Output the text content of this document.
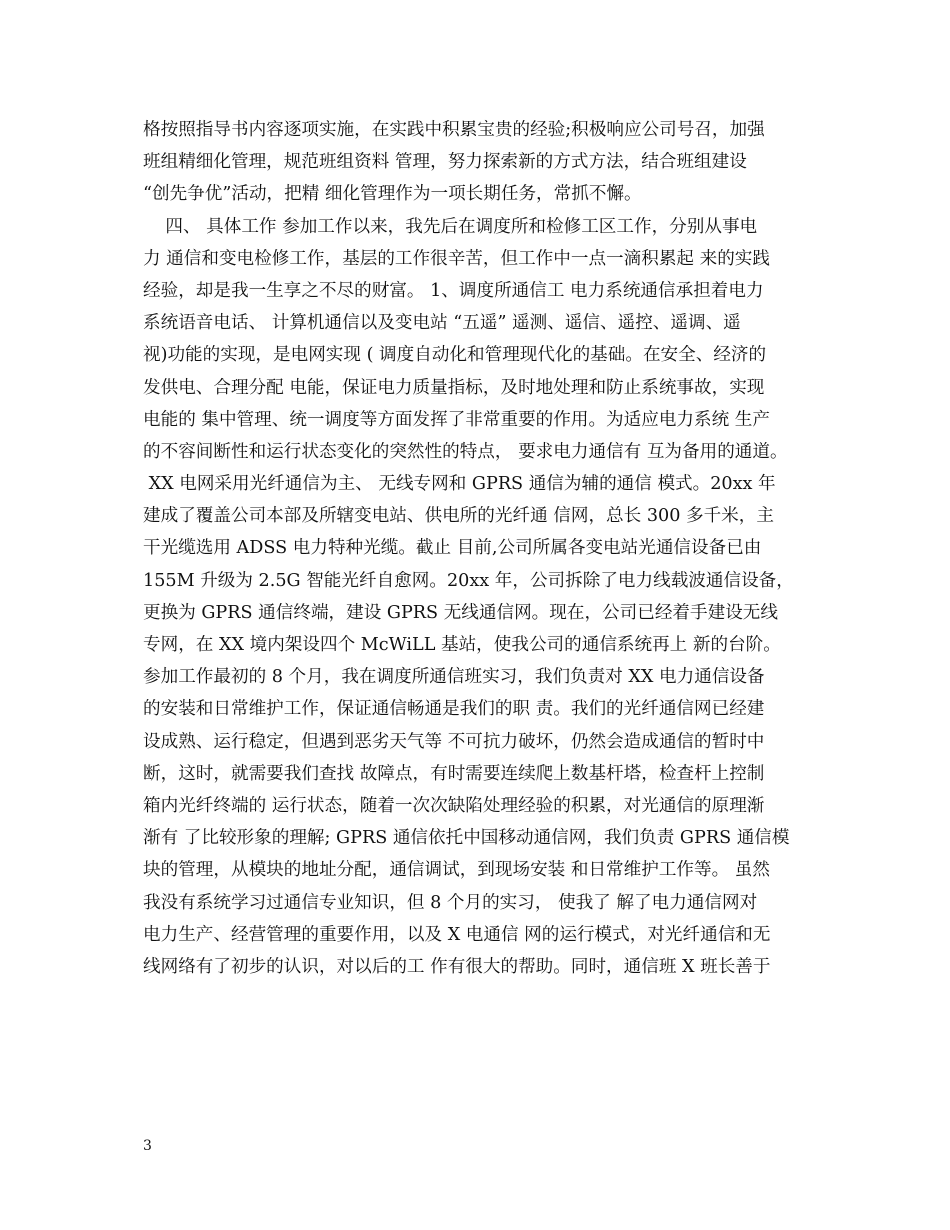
格按照指导书内容逐项实施，在实践中积累宝贵的经验;积极响应公司号召，加强
班组精细化管理，规范班组资料 管理，努力探索新的方式方法，结合班组建设
“创先争优”活动，把精 细化管理作为一项长期任务，常抓不懈。
四、 具体工作 参加工作以来，我先后在调度所和检修工区工作，分别从事电
力 通信和变电检修工作，基层的工作很辛苦，但工作中一点一滴积累起 来的实践
经验，却是我一生享之不尽的财富。 1、调度所通信工 电力系统通信承担着电力
系统语音电话、 计算机通信以及变电站 “五遥” 遥测、遥信、遥控、遥调、遥
视)功能的实现，是电网实现 ( 调度自动化和管理现代化的基础。在安全、经济的
发供电、合理分配 电能，保证电力质量指标，及时地处理和防止系统事故，实现
电能的 集中管理、统一调度等方面发挥了非常重要的作用。为适应电力系统 生产
的不容间断性和运行状态变化的突然性的特点， 要求电力通信有 互为备用的通道。
XX 电网采用光纤通信为主、 无线专网和 GPRS 通信为辅的通信 模式。20xx 年
建成了覆盖公司本部及所辖变电站、供电所的光纤通 信网，总长 300 多千米，主
干光缆选用 ADSS 电力特种光缆。截止 目前,公司所属各变电站光通信设备已由
155M 升级为 2.5G 智能光纤自愈网。20xx 年，公司拆除了电力线载波通信设备，
更换为 GPRS 通信终端，建设 GPRS 无线通信网。现在，公司已经着手建设无线
专网，在 XX 境内架设四个 McWiLL 基站，使我公司的通信系统再上 新的台阶。
参加工作最初的 8 个月，我在调度所通信班实习，我们负责对 XX 电力通信设备
的安装和日常维护工作，保证通信畅通是我们的职 责。我们的光纤通信网已经建
设成熟、运行稳定，但遇到恶劣天气等 不可抗力破坏，仍然会造成通信的暂时中
断，这时，就需要我们查找 故障点，有时需要连续爬上数基杆塔，检查杆上控制
箱内光纤终端的 运行状态，随着一次次缺陷处理经验的积累，对光通信的原理渐
渐有 了比较形象的理解; GPRS 通信依托中国移动通信网，我们负责 GPRS 通信模
块的管理，从模块的地址分配，通信调试，到现场安装 和日常维护工作等。 虽然
我没有系统学习过通信专业知识，但 8 个月的实习， 使我了 解了电力通信网对
电力生产、经营管理的重要作用，以及 X 电通信 网的运行模式，对光纤通信和无
线网络有了初步的认识，对以后的工 作有很大的帮助。同时，通信班 X 班长善于
3
